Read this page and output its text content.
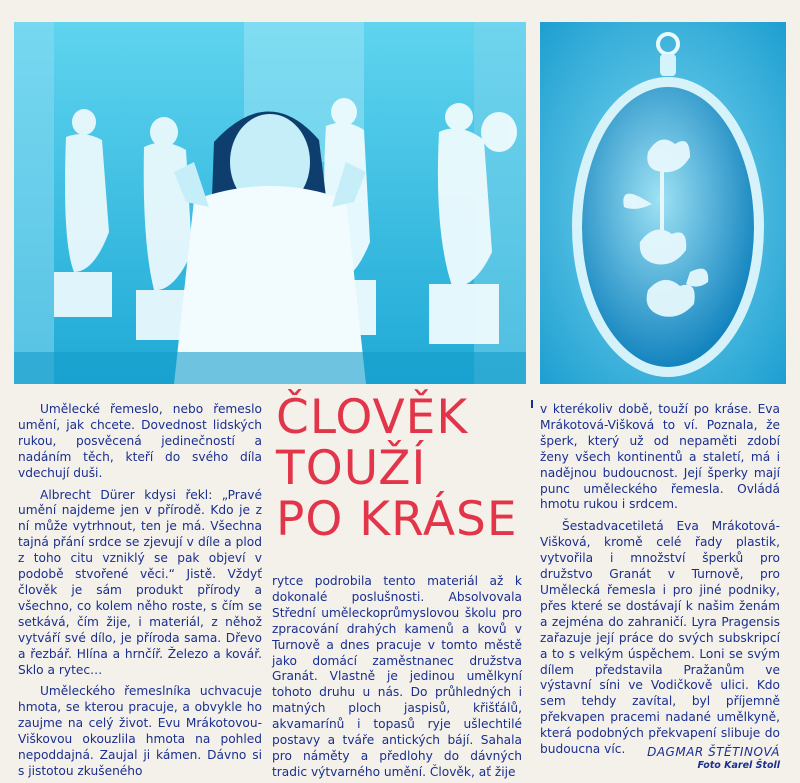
ČLOVĚK
TOUŽÍ
PO KRÁSE

Umělecké řemeslo, nebo řemeslo umění, jak chcete. Dovednost lidských rukou, posvěcená jedinečností a nadáním těch, kteří do svého díla vdechují duši.

Albrecht Dürer kdysi řekl: „Pravé umění najdeme jen v přírodě. Kdo je z ní může vytrhnout, ten je má. Všechna tajná přání srdce se zjevují v díle a plod z toho citu vzniklý se pak objeví v podobě stvořené věci.“ Jistě. Vždyť člověk je sám produkt přírody a všechno, co kolem něho roste, s čím se setkává, čím žije, i materiál, z něhož vytváří své dílo, je příroda sama. Dřevo a řezbář. Hlína a hrnčíř. Železo a kovář. Sklo a rytec…

Uměleckého řemeslníka uchvacuje hmota, se kterou pracuje, a obvykle ho zaujme na celý život. Evu Mrákotovou-Viškovou okouzlila hmota na pohled nepoddajná. Zaujal ji kámen. Dávno si s jistotou zkušeného

rytce podrobila tento materiál až k dokonalé poslušnosti. Absolvovala Střední uměleckoprůmyslovou školu pro zpracování drahých kamenů a kovů v Turnově a dnes pracuje v tomto městě jako domácí zaměstnanec družstva Granát. Vlastně je jedinou umělkyní tohoto druhu u nás. Do průhledných i matných ploch jaspisů, křišťálů, akvamarínů i topasů ryje ušlechtilé postavy a tváře antických bájí. Sahala pro náměty a předlohy do dávných tradic výtvarného umění. Člověk, ať žije

v kterékoliv době, touží po kráse. Eva Mrákotová-Višková to ví. Poznala, že šperk, který už od nepaměti zdobí ženy všech kontinentů a staletí, má i nadějnou budoucnost. Její šperky mají punc uměleckého řemesla. Ovládá hmotu rukou i srdcem.

Šestadvacetiletá Eva Mrákotová-Višková, kromě celé řady plastik, vytvořila i množství šperků pro družstvo Granát v Turnově, pro Umělecká řemesla i pro jiné podniky, přes které se dostávají k našim ženám a zejména do zahraničí. Lyra Pragensis zařazuje její práce do svých subskripcí a to s velkým úspěchem. Loni se svým dílem představila Pražanům ve výstavní síni ve Vodičkově ulici. Kdo sem tehdy zavítal, byl příjemně překvapen pracemi nadané umělkyně, která podobných překvapení slibuje do budoucna víc.	DAGMAR ŠTĚTINOVÁ
Foto Karel Štoll
